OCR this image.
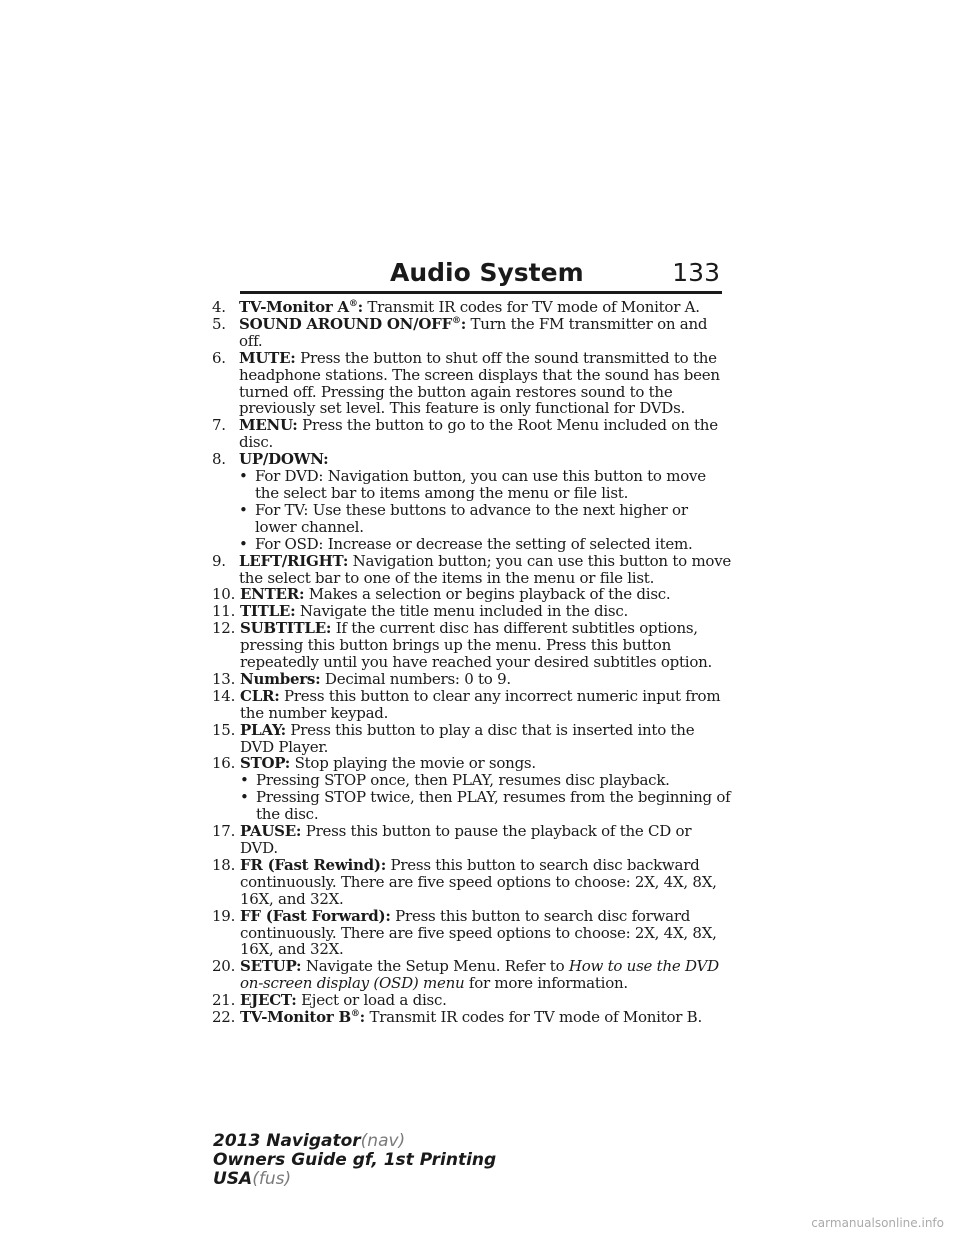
Audio System	133
4. TV-Monitor A®: Transmit IR codes for TV mode of Monitor A.
5. SOUND AROUND ON/OFF®: Turn the FM transmitter on and off.
6. MUTE: Press the button to shut off the sound transmitted to the headphone stations. The screen displays that the sound has been turned off. Pressing the button again restores sound to the previously set level. This feature is only functional for DVDs.
7. MENU: Press the button to go to the Root Menu included on the disc.
8. UP/DOWN:
• For DVD: Navigation button, you can use this button to move the select bar to items among the menu or file list.
• For TV: Use these buttons to advance to the next higher or lower channel.
• For OSD: Increase or decrease the setting of selected item.
9. LEFT/RIGHT: Navigation button; you can use this button to move the select bar to one of the items in the menu or file list.
10. ENTER: Makes a selection or begins playback of the disc.
11. TITLE: Navigate the title menu included in the disc.
12. SUBTITLE: If the current disc has different subtitles options, pressing this button brings up the menu. Press this button repeatedly until you have reached your desired subtitles option.
13. Numbers: Decimal numbers: 0 to 9.
14. CLR: Press this button to clear any incorrect numeric input from the number keypad.
15. PLAY: Press this button to play a disc that is inserted into the DVD Player.
16. STOP: Stop playing the movie or songs.
• Pressing STOP once, then PLAY, resumes disc playback.
• Pressing STOP twice, then PLAY, resumes from the beginning of the disc.
17. PAUSE: Press this button to pause the playback of the CD or DVD.
18. FR (Fast Rewind): Press this button to search disc backward continuously. There are five speed options to choose: 2X, 4X, 8X, 16X, and 32X.
19. FF (Fast Forward): Press this button to search disc forward continuously. There are five speed options to choose: 2X, 4X, 8X, 16X, and 32X.
20. SETUP: Navigate the Setup Menu. Refer to How to use the DVD on-screen display (OSD) menu for more information.
21. EJECT: Eject or load a disc.
22. TV-Monitor B®: Transmit IR codes for TV mode of Monitor B.
2013 Navigator(nav)
Owners Guide gf, 1st Printing
USA(fus)
carmanualsonline.info
